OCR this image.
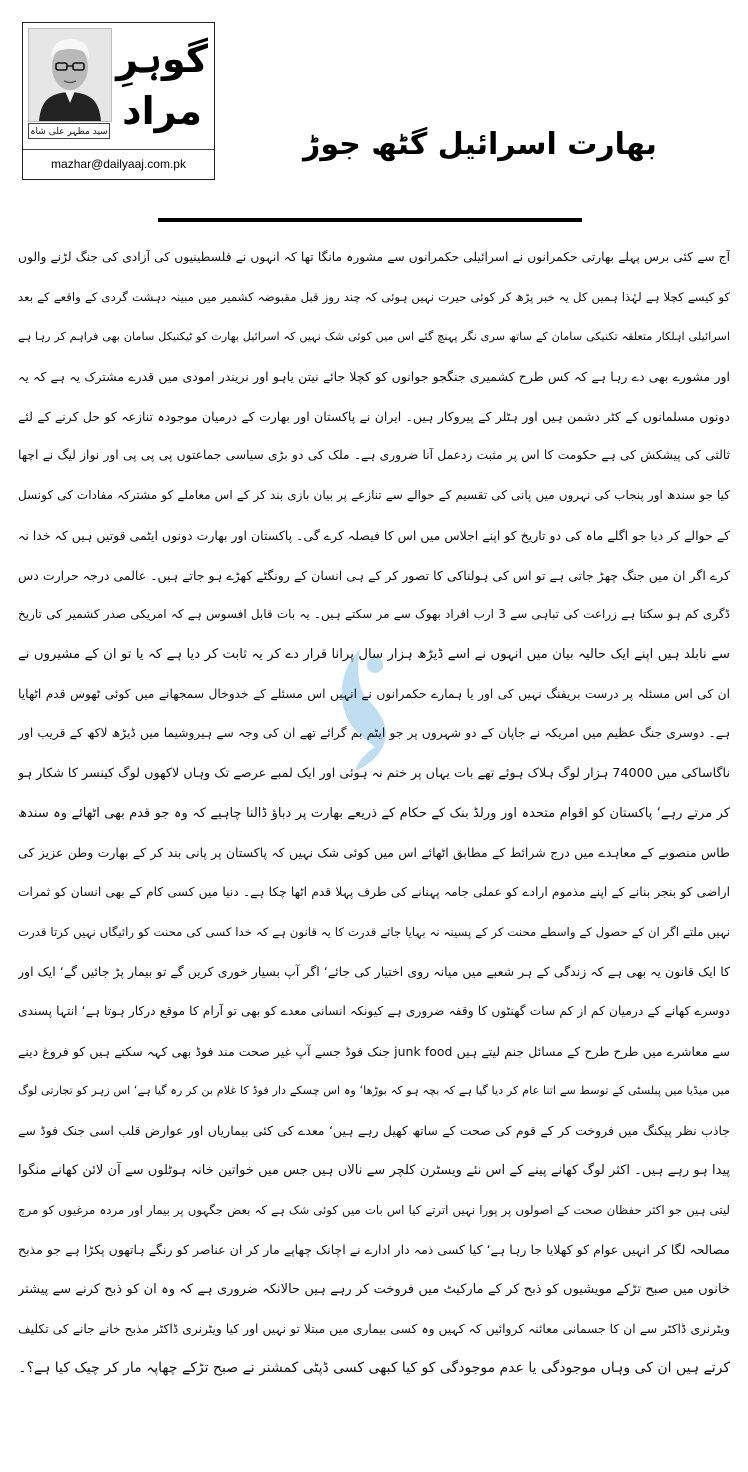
سید مظہر علی شاہ
گوہرِ
مراد
mazhar@dailyaaj.com.pk
بھارت اسرائیل گٹھ جوڑ
آج سے کئی برس پہلے بھارتی حکمرانوں نے اسرائیلی حکمرانوں سے مشورہ مانگا تھا کہ انہوں نے فلسطینیوں کی آزادی کی جنگ لڑنے والوں
کو کیسے کچلا ہے لہٰذا ہمیں کل یہ خبر پڑھ کر کوئی حیرت نہیں ہوئی کہ چند روز قبل مقبوضہ کشمیر میں مبینہ دہشت گردی کے واقعے کے بعد
اسرائیلی اہلکار متعلقہ تکنیکی سامان کے ساتھ سری نگر پہنچ گئے اس میں کوئی شک نہیں کہ اسرائیل بھارت کو ٹیکنیکل سامان بھی فراہم کر رہا ہے
اور مشورے بھی دے رہا ہے کہ کس طرح کشمیری جنگجو جوانوں کو کچلا جائے نیتن یاہو اور نریندر امودی میں قدرے مشترک یہ ہے کہ یہ
دونوں مسلمانوں کے کٹر دشمن ہیں اور ہٹلر کے پیروکار ہیں۔ ایران نے پاکستان اور بھارت کے درمیان موجودہ تنازعہ کو حل کرنے کے لئے
ثالثی کی پیشکش کی ہے حکومت کا اس پر مثبت ردعمل آنا ضروری ہے۔ ملک کی دو بڑی سیاسی جماعتوں پی پی پی اور نواز لیگ نے اچھا
کیا جو سندھ اور پنجاب کی نہروں میں پانی کی تقسیم کے حوالے سے تنازعے پر بیان بازی بند کر کے اس معاملے کو مشترکہ مفادات کی کونسل
کے حوالے کر دیا جو اگلے ماہ کی دو تاریخ کو اپنے اجلاس میں اس کا فیصلہ کرے گی۔ پاکستان اور بھارت دونوں ایٹمی قوتیں ہیں کہ خدا نہ
کرے اگر ان میں جنگ چھڑ جاتی ہے تو اس کی ہولناکی کا تصور کر کے ہی انسان کے رونگٹے کھڑے ہو جاتے ہیں۔ عالمی درجہ حرارت دس
ڈگری کم ہو سکتا ہے زراعت کی تباہی سے 3 ارب افراد بھوک سے مر سکتے ہیں۔ یہ بات قابل افسوس ہے کہ امریکی صدر کشمیر کی تاریخ
سے نابلد ہیں اپنے ایک حالیہ بیان میں انہوں نے اسے ڈیڑھ ہزار سال پرانا قرار دے کر یہ ثابت کر دیا ہے کہ یا تو ان کے مشیروں نے
ان کی اس مسئلہ پر درست بریفنگ نہیں کی اور یا ہمارے حکمرانوں نے انہیں اس مسئلے کے خدوخال سمجھانے میں کوئی ٹھوس قدم اٹھایا
ہے۔ دوسری جنگ عظیم میں امریکہ نے جاپان کے دو شہروں پر جو ایٹم بم گرائے تھے ان کی وجہ سے ہیروشیما میں ڈیڑھ لاکھ کے قریب اور
ناگاساکی میں 74000 ہزار لوگ ہلاک ہوئے تھے بات یہاں پر ختم نہ ہوئی اور ایک لمبے عرصے تک وہاں لاکھوں لوگ کینسر کا شکار ہو
کر مرتے رہے‘ پاکستان کو اقوام متحدہ اور ورلڈ بنک کے حکام کے ذریعے بھارت پر دباؤ ڈالنا چاہیے کہ وہ جو قدم بھی اٹھائے وہ سندھ
طاس منصوبے کے معاہدے میں درج شرائط کے مطابق اٹھائے اس میں کوئی شک نہیں کہ پاکستان پر پانی بند کر کے بھارت وطن عزیز کی
اراضی کو بنجر بنانے کے اپنے مذموم ارادے کو عملی جامہ پہنانے کی طرف پہلا قدم اٹھا چکا ہے۔ دنیا میں کسی کام کے بھی انسان کو ثمرات
نہیں ملتے اگر ان کے حصول کے واسطے محنت کر کے پسینہ نہ بہایا جائے قدرت کا یہ قانون ہے کہ خدا کسی کی محنت کو رائیگاں نہیں کرتا قدرت
کا ایک قانون یہ بھی ہے کہ زندگی کے ہر شعبے میں میانہ روی اختیار کی جائے‘ اگر آپ بسیار خوری کریں گے تو بیمار پڑ جائیں گے‘ ایک اور
دوسرے کھانے کے درمیان کم از کم سات گھنٹوں کا وقفہ ضروری ہے کیونکہ انسانی معدے کو بھی تو آرام کا موقع درکار ہوتا ہے‘ انتہا پسندی
سے معاشرے میں طرح طرح کے مسائل جنم لیتے ہیں junk food جنک فوڈ جسے آپ غیر صحت مند فوڈ بھی کہہ سکتے ہیں کو فروغ دینے
میں میڈیا میں پبلسٹی کے توسط سے اتنا عام کر دیا گیا ہے کہ بچہ ہو کہ بوڑھا‘ وہ اس چسکے دار فوڈ کا غلام بن کر رہ گیا ہے‘ اس زہر کو تجارتی لوگ
جاذب نظر پیکنگ میں فروخت کر کے قوم کی صحت کے ساتھ کھیل رہے ہیں‘ معدے کی کئی بیماریاں اور عوارض قلب اسی جنک فوڈ سے
پیدا ہو رہے ہیں۔ اکثر لوگ کھانے پینے کے اس نئے ویسٹرن کلچر سے نالاں ہیں جس میں خواتین خانہ ہوٹلوں سے آن لائن کھانے منگوا
لیتی ہیں جو اکثر حفظان صحت کے اصولوں پر پورا نہیں اترتے کیا اس بات میں کوئی شک ہے کہ بعض جگہوں پر بیمار اور مردہ مرغیوں کو مرچ
مصالحہ لگا کر انہیں عوام کو کھلایا جا رہا ہے‘ کیا کسی ذمہ دار ادارے نے اچانک چھاپے مار کر ان عناصر کو رنگے ہاتھوں پکڑا ہے جو مذبح
خانوں میں صبح تڑکے مویشیوں کو ذبح کر کے مارکیٹ میں فروخت کر رہے ہیں حالانکہ ضروری ہے کہ وہ ان کو ذبح کرنے سے پیشتر
ویٹرنری ڈاکٹر سے ان کا جسمانی معائنہ کروائیں کہ کہیں وہ کسی بیماری میں مبتلا تو نہیں اور کیا ویٹرنری ڈاکٹر مذبح خانے جانے کی تکلیف
کرتے ہیں ان کی وہاں موجودگی یا عدم موجودگی کو کیا کبھی کسی ڈپٹی کمشنر نے صبح تڑکے چھاپہ مار کر چیک کیا ہے؟۔
